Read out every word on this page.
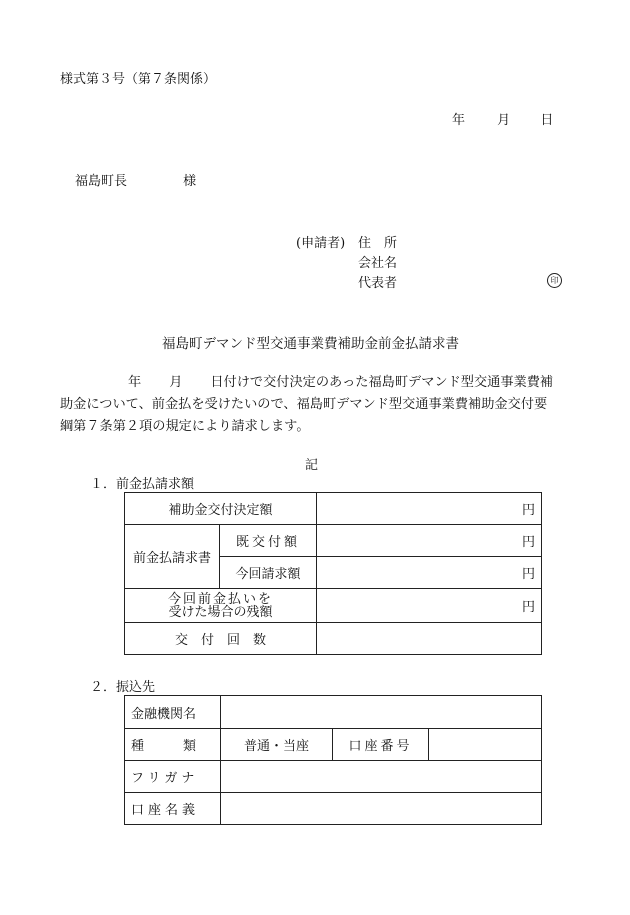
様式第３号（第７条関係）
年 月 日
福島町長	様
(申請者) 住　所
会社名
代表者	印
福島町デマンド型交通事業費補助金前金払請求書
年 月 日付けで交付決定のあった福島町デマンド型交通事業費補
助金について、前金払を受けたいので、福島町デマンド型交通事業費補助金交付要
綱第７条第２項の規定により請求します。
記
１．前金払請求額
補助金交付決定額		円
前金払請求書	既交付額	円
	今回請求額	円

今回前金払いを
受けた場合の残額		円
交　付　回　数		
２．振込先
金融機関名			
種　　　類	普通・当座	口座番号	
フリガナ			
口座名義			
